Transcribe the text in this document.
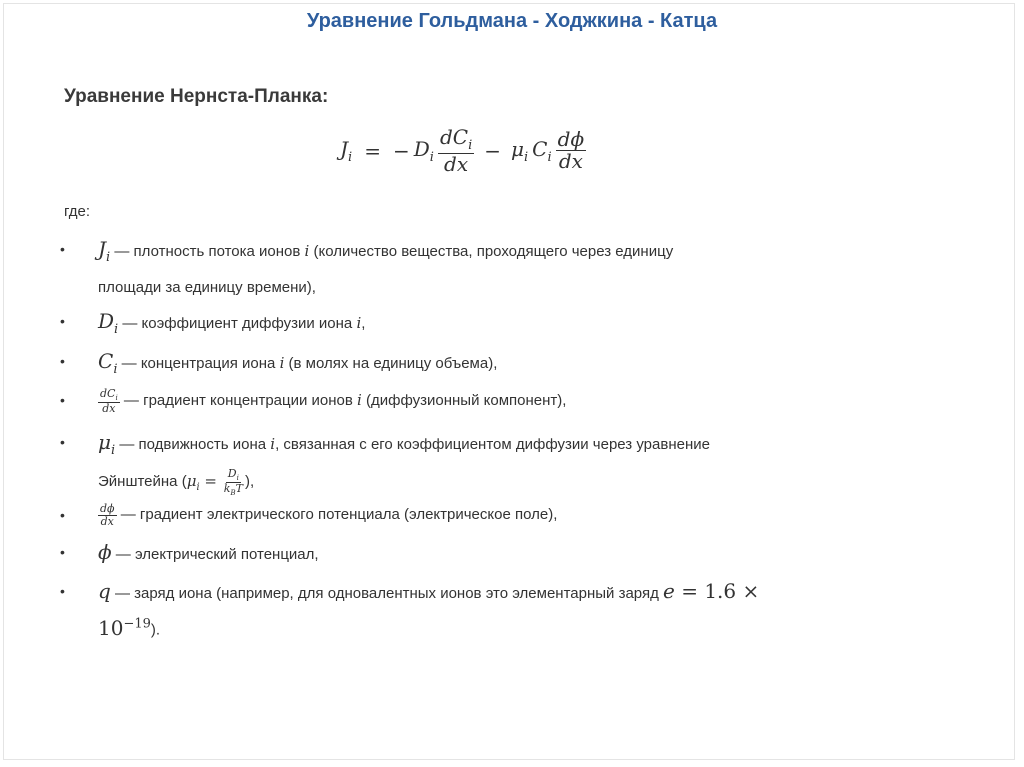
Уравнение Гольдмана - Ходжкина - Катца
Уравнение Нернста-Планка:
$J_i$ = − $D_i \frac{dC_i}{dx} - \mu_i$ $C_i \frac{d\phi}{dx}$
где:
• $J_i$ — плотность потока ионов i (количество вещества, проходящего через единицу
площади за единицу времени),
• $D_i$ — коэффициент диффузии иона i,
• $C_i$ — концентрация иона i (в молях на единицу объема),
•	$\frac{dC_i}{dx}$ — градиент концентрации ионов i (диффузионный компонент),
• $\mu_i$ — подвижность иона i, связанная с его коэффициентом диффузии через уравнение
Эйнштейна ($\mu_i = \frac{D_i}{k_BT}$ ),
•	$\frac{d\phi}{dx}$ — градиент электрического потенциала (электрическое поле),
• ϕ — электрический потенциал,
• q — заряд иона (например, для одновалентных ионов это элементарный заряд e = 1.6 ×
$10^{-19}$).
